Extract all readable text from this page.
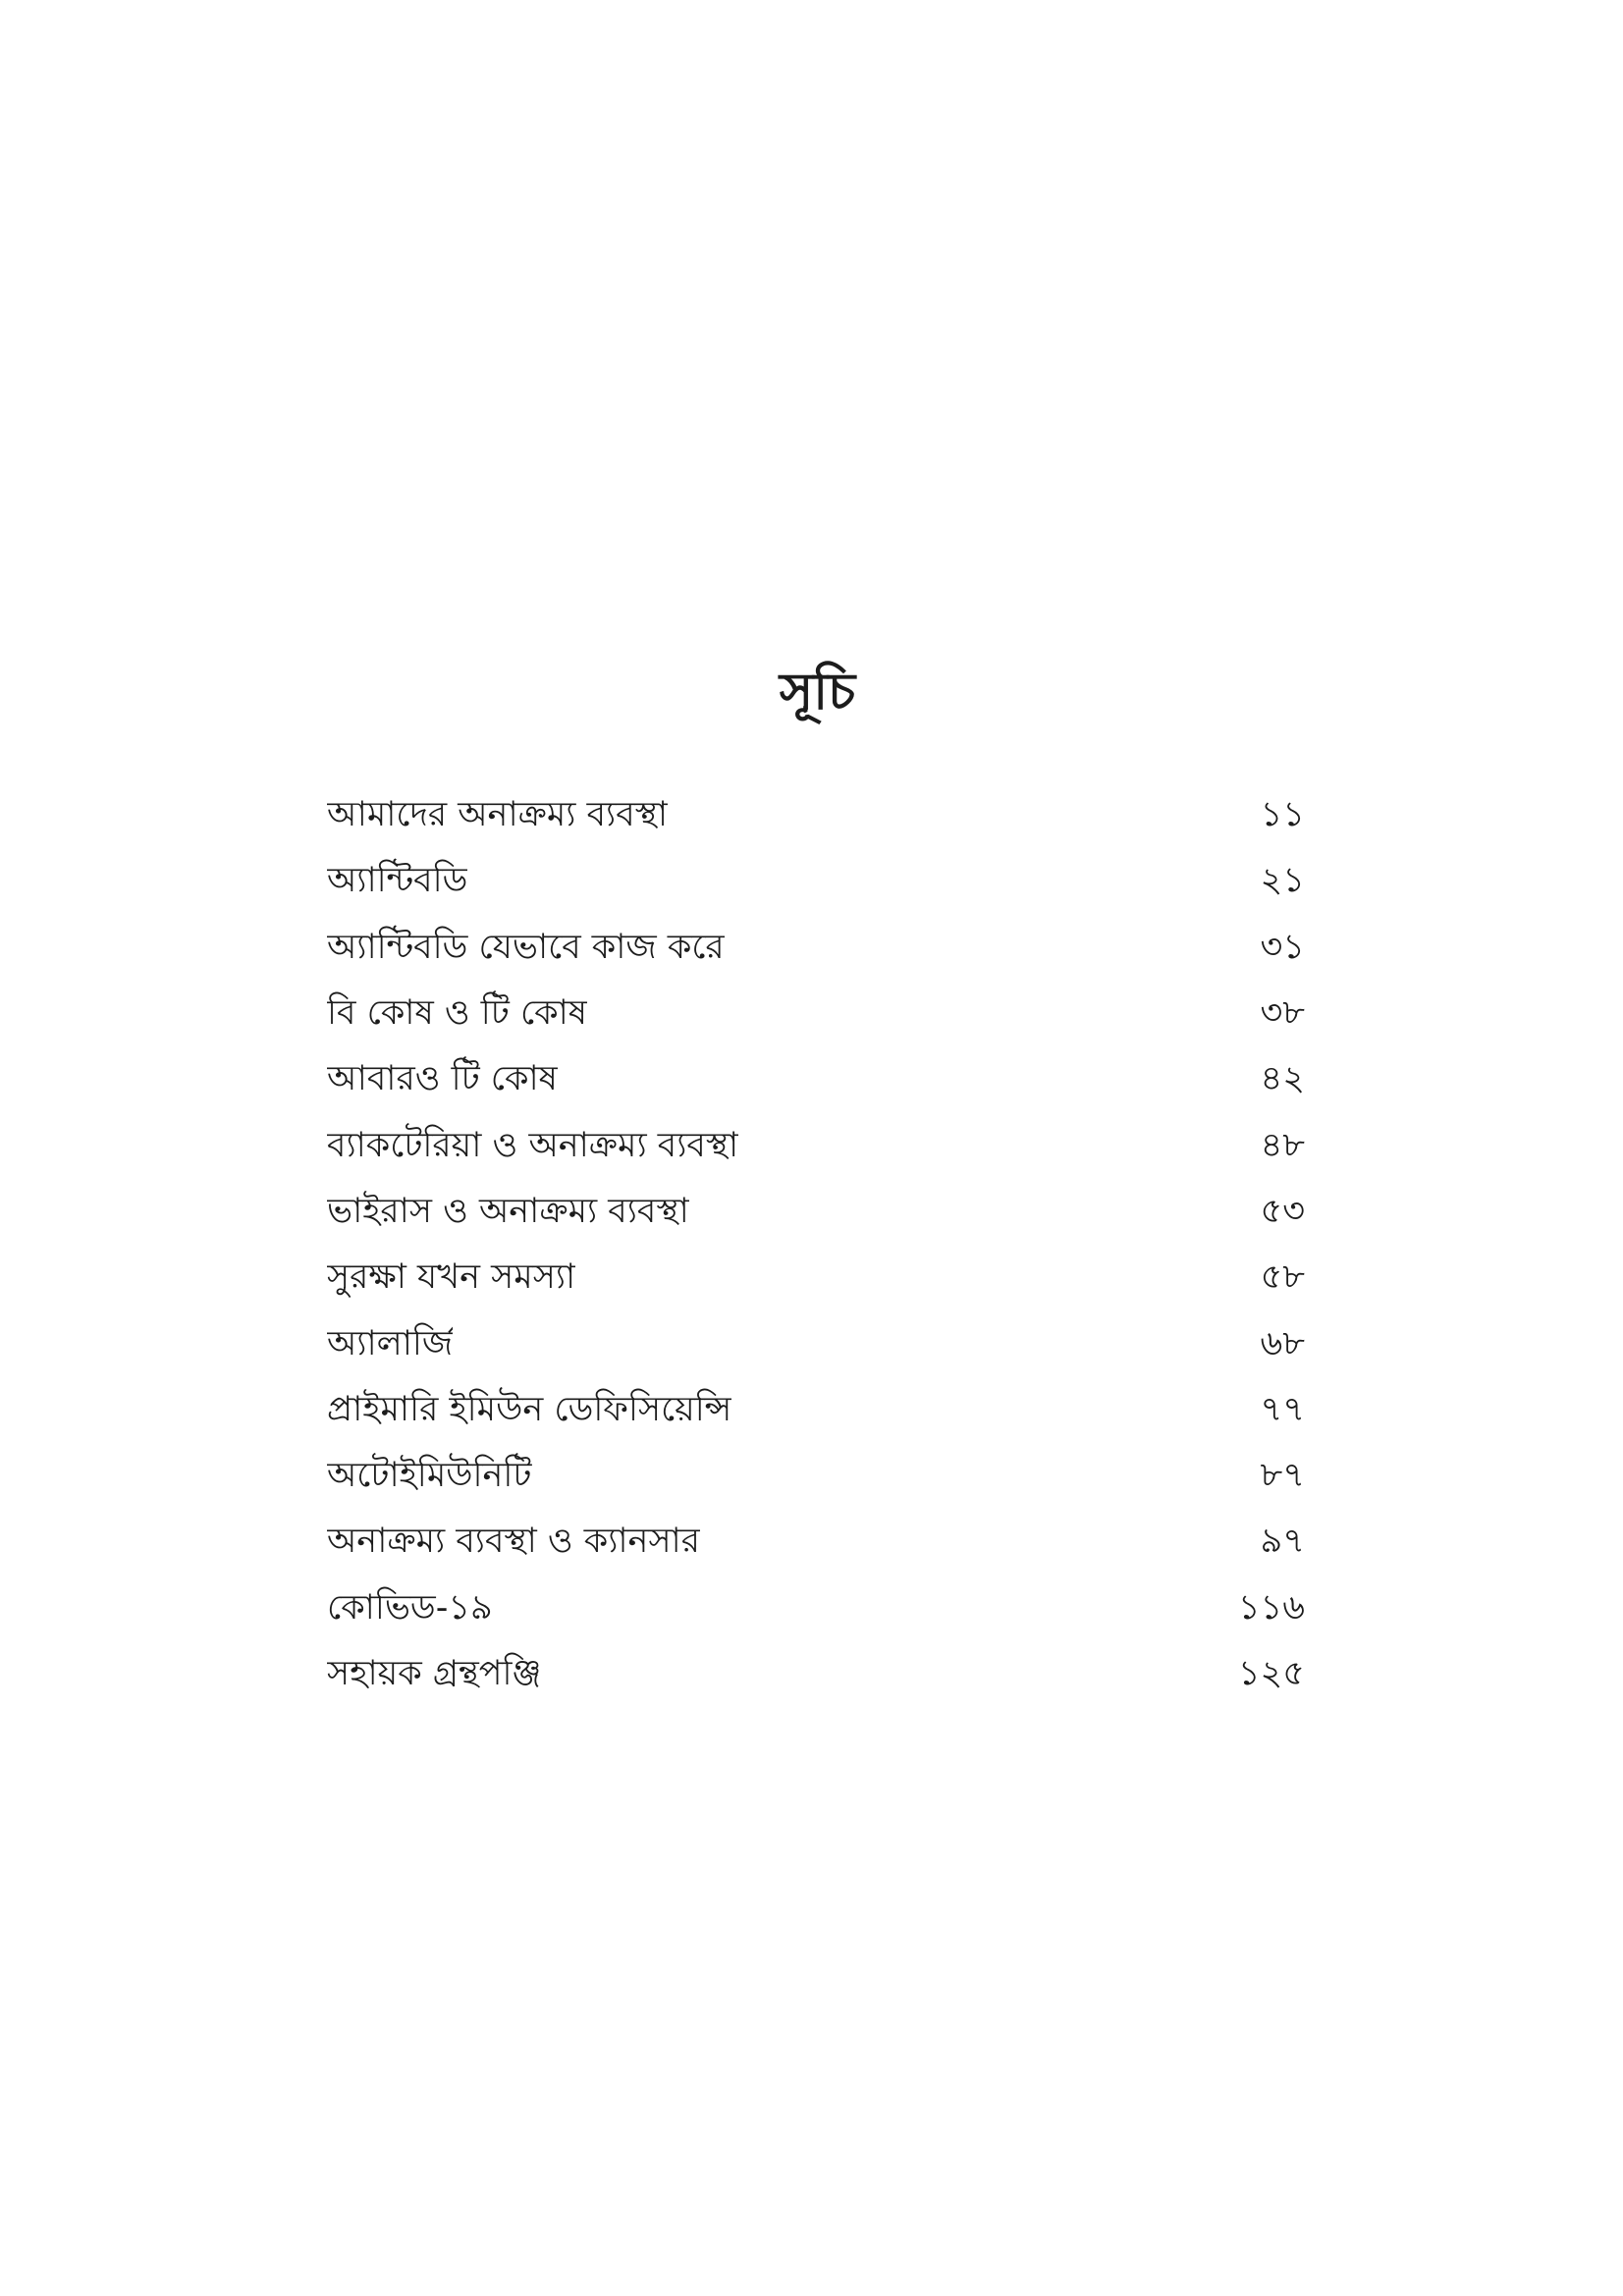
সূচি
আমাদের অনাক্রম্য ব্যবস্থা	১১
অ্যান্টিবডি	২১
অ্যান্টিবডি যেভাবে কাজ করে	৩১
বি কোষ ও টি কোষ	৩৮
আবারও টি কোষ	৪২
ব্যাকটেরিয়া ও অনাক্রম্য ব্যবস্থা	৪৮
ভাইরাস ও অনাক্রম্য ব্যবস্থা	৫৩
সুরক্ষা যখন সমস্যা	৫৮
অ্যালার্জি	৬৮
প্রাইমারি ইমিউন ডেফিসিয়েন্সি	৭৭
অটোইমিউনিটি	৮৭
অনাক্রম্য ব্যবস্থা ও ক্যানসার	৯৭
কোভিড-১৯	১১৬
সহায়ক গ্রন্থপঞ্জি	১২৫
